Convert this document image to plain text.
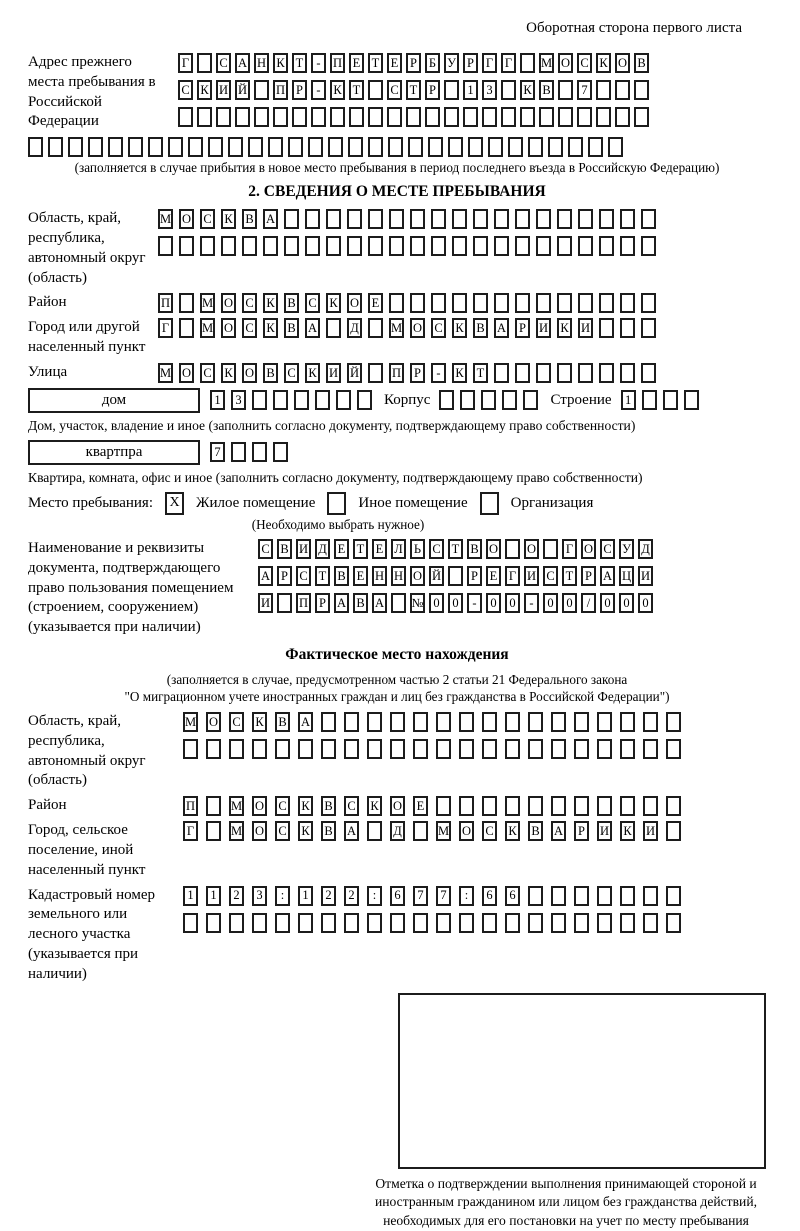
Оборотная сторона первого листа
Адрес прежнего места пребывания в Российской Федерации
Г	С А Н К Т	- П Е Т Е Р Б У Р Г Г	М О С К О В
С К И Й П Р	-	К Т С Т Р	1	3	К В	7
(заполняется в случае прибытия в новое место пребывания в период последнего въезда в Российскую Федерацию)
2. СВЕДЕНИЯ О МЕСТЕ ПРЕБЫВАНИЯ
Область, край, республика, автономный округ (область)
М О С К В А
Район	П	М О С К В С К О Е
Город или другой населенный пункт
Г	М О С К В А	Д	М О С К В А	Р	И К И
Улица	М О С К О В С К И Й	П	Р	-	К Т
дом	1	3	Корпус	Строение	1
Дом, участок, владение и иное (заполнить согласно документу, подтверждающему право собственности)
квартпра	7
Квартира, комната, офис и иное (заполнить согласно документу, подтверждающему право собственности)
Место пребывания:	X Жилое помещение	Иное помещение	Организация
(Необходимо выбрать нужное)
Наименование и реквизиты документа, подтверждающего право пользования помещением (строением, сооружением) (указывается при наличии)
С В И Д Е Т Е Л Ь С Т В О О	Г О С У Д
А Р С Т В Е Н Н О Й	Р Е Г И С Т Р А Ц И
И П Р А В А № 0	0	-	0	0	-	0	0	/	0	0	0
Фактическое место нахождения
(заполняется в случае, предусмотренном частью 2 статьи 21 Федерального закона
"О миграционном учете иностранных граждан и лиц без гражданства в Российской Федерации")
Область, край, республика, автономный округ (область)
М О С К В А
Район	П	М О С К В С К О Е
Город, сельское поселение, иной населенный пункт
Г	М О С К В А	Д	М О С К В А	Р	И К И
Кадастровый номер земельного или лесного участка (указывается при наличии)
1	1	2	3	:	1	2	2	:	6	7	7	:	6	6
Отметка о подтверждении выполнения принимающей стороной и иностранным гражданином или лицом без гражданства действий, необходимых для его постановки на учет по месту пребывания
